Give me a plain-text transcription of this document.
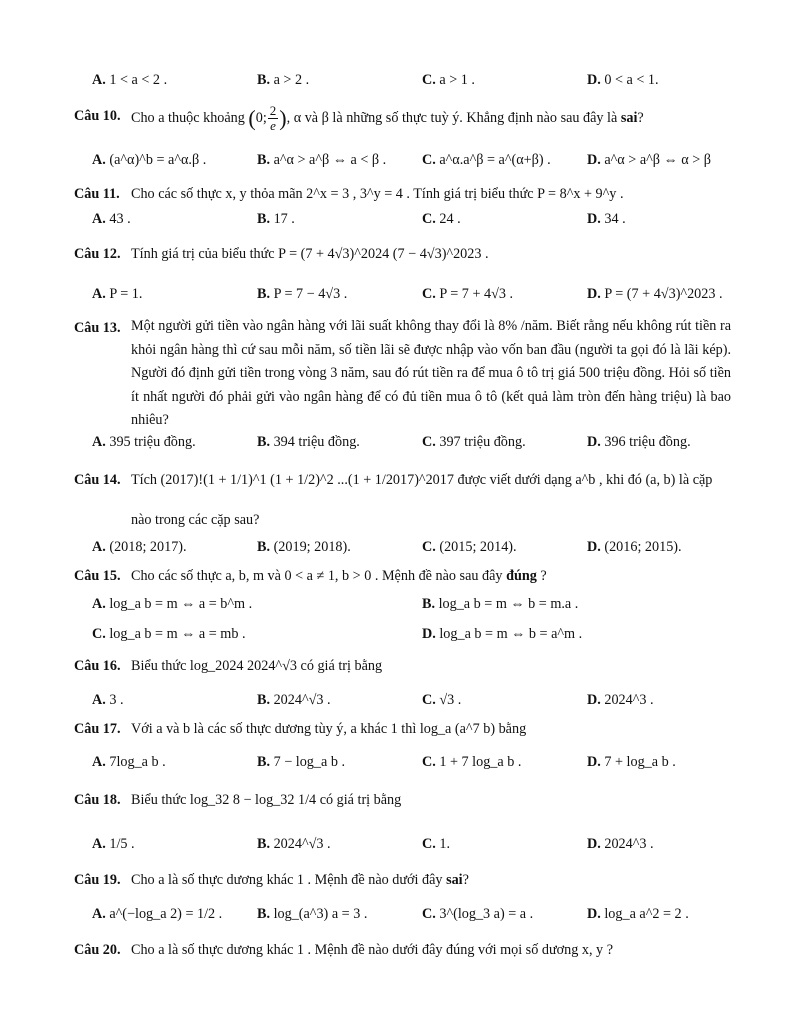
A. 1 < a < 2 .	B. a > 2 .	C. a > 1 .	D. 0 < a < 1.
Câu 10. Cho a thuộc khoảng (0; $\frac{2}{e}$ ), α và β là những số thực tuỳ ý. Khẳng định nào sau đây là sai?
A. (a^α)^b = a^α.β .	B. a^α > a^β ⇔ a < β .	C. a^α.a^β = a^(α+β) .	D. a^α > a^β ⇔ α > β
Câu 11. Cho các số thực x, y thỏa mãn 2^x = 3 , 3^y = 4 . Tính giá trị biểu thức P = 8^x + 9^y .
A. 43 .	B. 17 .	C. 24 .	D. 34 .
Câu 12. Tính giá trị của biểu thức P = (7 + 4√3)^2024 (7 − 4√3)^2023 .
A. P = 1.	B. P = 7 − 4√3 .	C. P = 7 + 4√3 .	D. P = (7 + 4√3)^2023 .
Câu 13. Một người gửi tiền vào ngân hàng với lãi suất không thay đổi là 8% /năm. Biết rằng nếu không rút tiền ra khỏi ngân hàng thì cứ sau mỗi năm, số tiền lãi sẽ được nhập vào vốn ban đầu (người ta gọi đó là lãi kép). Người đó định gửi tiền trong vòng 3 năm, sau đó rút tiền ra để mua ô tô trị giá 500 triệu đồng. Hỏi số tiền ít nhất người đó phải gửi vào ngân hàng để có đủ tiền mua ô tô (kết quả làm tròn đến hàng triệu) là bao nhiêu?
A. 395 triệu đồng.	B. 394 triệu đồng.	C. 397 triệu đồng.	D. 396 triệu đồng.
Câu 14. Tích (2017)!(1 + 1/1)^1 (1 + 1/2)^2 ...(1 + 1/2017)^2017 được viết dưới dạng a^b , khi đó (a, b) là cặp
nào trong các cặp sau?
A. (2018; 2017).	B. (2019; 2018).	C. (2015; 2014).	D. (2016; 2015).
Câu 15. Cho các số thực a, b, m và 0 < a ≠ 1, b > 0 . Mệnh đề nào sau đây đúng ?
A. log_a b = m ⇔ a = b^m .	B. log_a b = m ⇔ b = m.a .
C. log_a b = m ⇔ a = mb .	D. log_a b = m ⇔ b = a^m .
Câu 16. Biểu thức log_2024 2024^√3 có giá trị bằng
A. 3 .	B. 2024^√3 .	C. √3 .	D. 2024^3 .
Câu 17. Với a và b là các số thực dương tùy ý, a khác 1 thì log_a (a^7 b) bằng
A. 7log_a b .	B. 7 − log_a b .	C. 1 + 7 log_a b .	D. 7 + log_a b .
Câu 18. Biểu thức log_32 8 − log_32 1/4 có giá trị bằng
A. 1/5 .	B. 2024^√3 .	C. 1.	D. 2024^3 .
Câu 19. Cho a là số thực dương khác 1 . Mệnh đề nào dưới đây sai?
A. a^(−log_a 2) = 1/2 . B. log_(a^3) a = 3 .	C. 3^(log_3 a) = a .	D. log_a a^2 = 2 .
Câu 20. Cho a là số thực dương khác 1 . Mệnh đề nào dưới đây đúng với mọi số dương x, y ?
